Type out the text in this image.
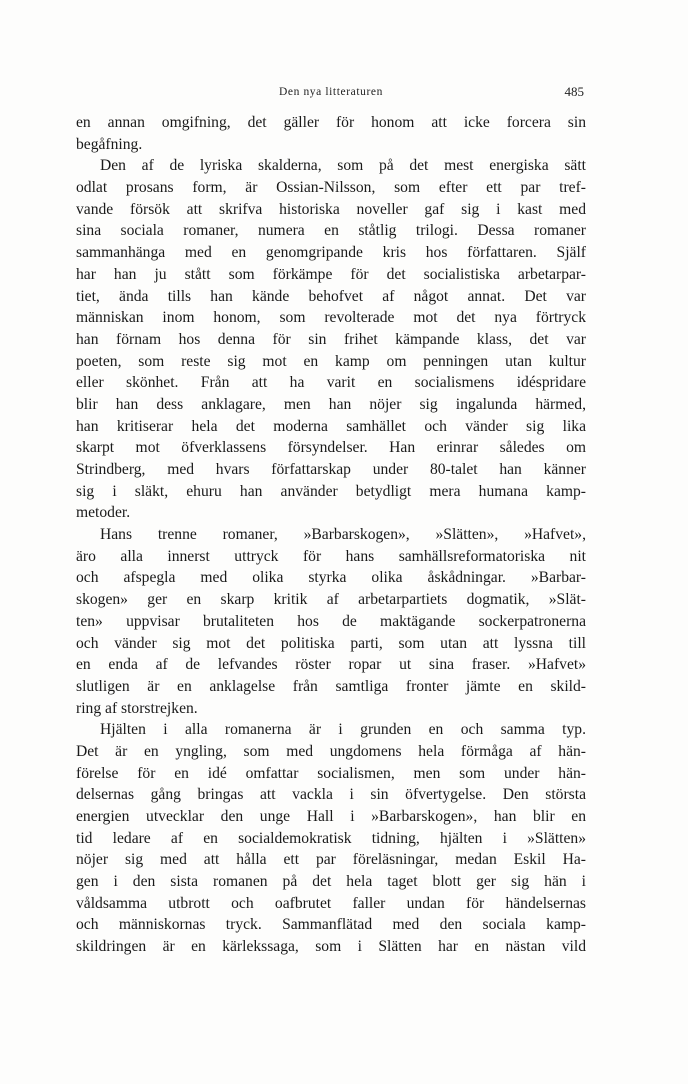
Den nya litteraturen	485
en annan omgifning, det gäller för honom att icke forcera sin
begåfning.
Den af de lyriska skalderna, som på det mest energiska sätt
odlat prosans form, är Ossian-Nilsson, som efter ett par tref-
vande försök att skrifva historiska noveller gaf sig i kast med
sina sociala romaner, numera en ståtlig trilogi. Dessa romaner
sammanhänga med en genomgripande kris hos författaren. Själf
har han ju stått som förkämpe för det socialistiska arbetarpar-
tiet, ända tills han kände behofvet af något annat. Det var
människan inom honom, som revolterade mot det nya förtryck
han förnam hos denna för sin frihet kämpande klass, det var
poeten, som reste sig mot en kamp om penningen utan kultur
eller skönhet. Från att ha varit en socialismens idéspridare
blir han dess anklagare, men han nöjer sig ingalunda härmed,
han kritiserar hela det moderna samhället och vänder sig lika
skarpt mot öfverklassens försyndelser. Han erinrar således om
Strindberg, med hvars författarskap under 80-talet han känner
sig i släkt, ehuru han använder betydligt mera humana kamp-
metoder.
Hans trenne romaner, »Barbarskogen», »Slätten», »Hafvet»,
äro alla innerst uttryck för hans samhällsreformatoriska nit
och afspegla med olika styrka olika åskådningar. »Barbar-
skogen» ger en skarp kritik af arbetarpartiets dogmatik, »Slät-
ten» uppvisar brutaliteten hos de maktägande sockerpatronerna
och vänder sig mot det politiska parti, som utan att lyssna till
en enda af de lefvandes röster ropar ut sina fraser. »Hafvet»
slutligen är en anklagelse från samtliga fronter jämte en skild-
ring af storstrejken.
Hjälten i alla romanerna är i grunden en och samma typ.
Det är en yngling, som med ungdomens hela förmåga af hän-
förelse för en idé omfattar socialismen, men som under hän-
delsernas gång bringas att vackla i sin öfvertygelse. Den största
energien utvecklar den unge Hall i »Barbarskogen», han blir en
tid ledare af en socialdemokratisk tidning, hjälten i »Slätten»
nöjer sig med att hålla ett par föreläsningar, medan Eskil Ha-
gen i den sista romanen på det hela taget blott ger sig hän i
våldsamma utbrott och oafbrutet faller undan för händelsernas
och människornas tryck. Sammanflätad med den sociala kamp-
skildringen är en kärlekssaga, som i Slätten har en nästan vild
